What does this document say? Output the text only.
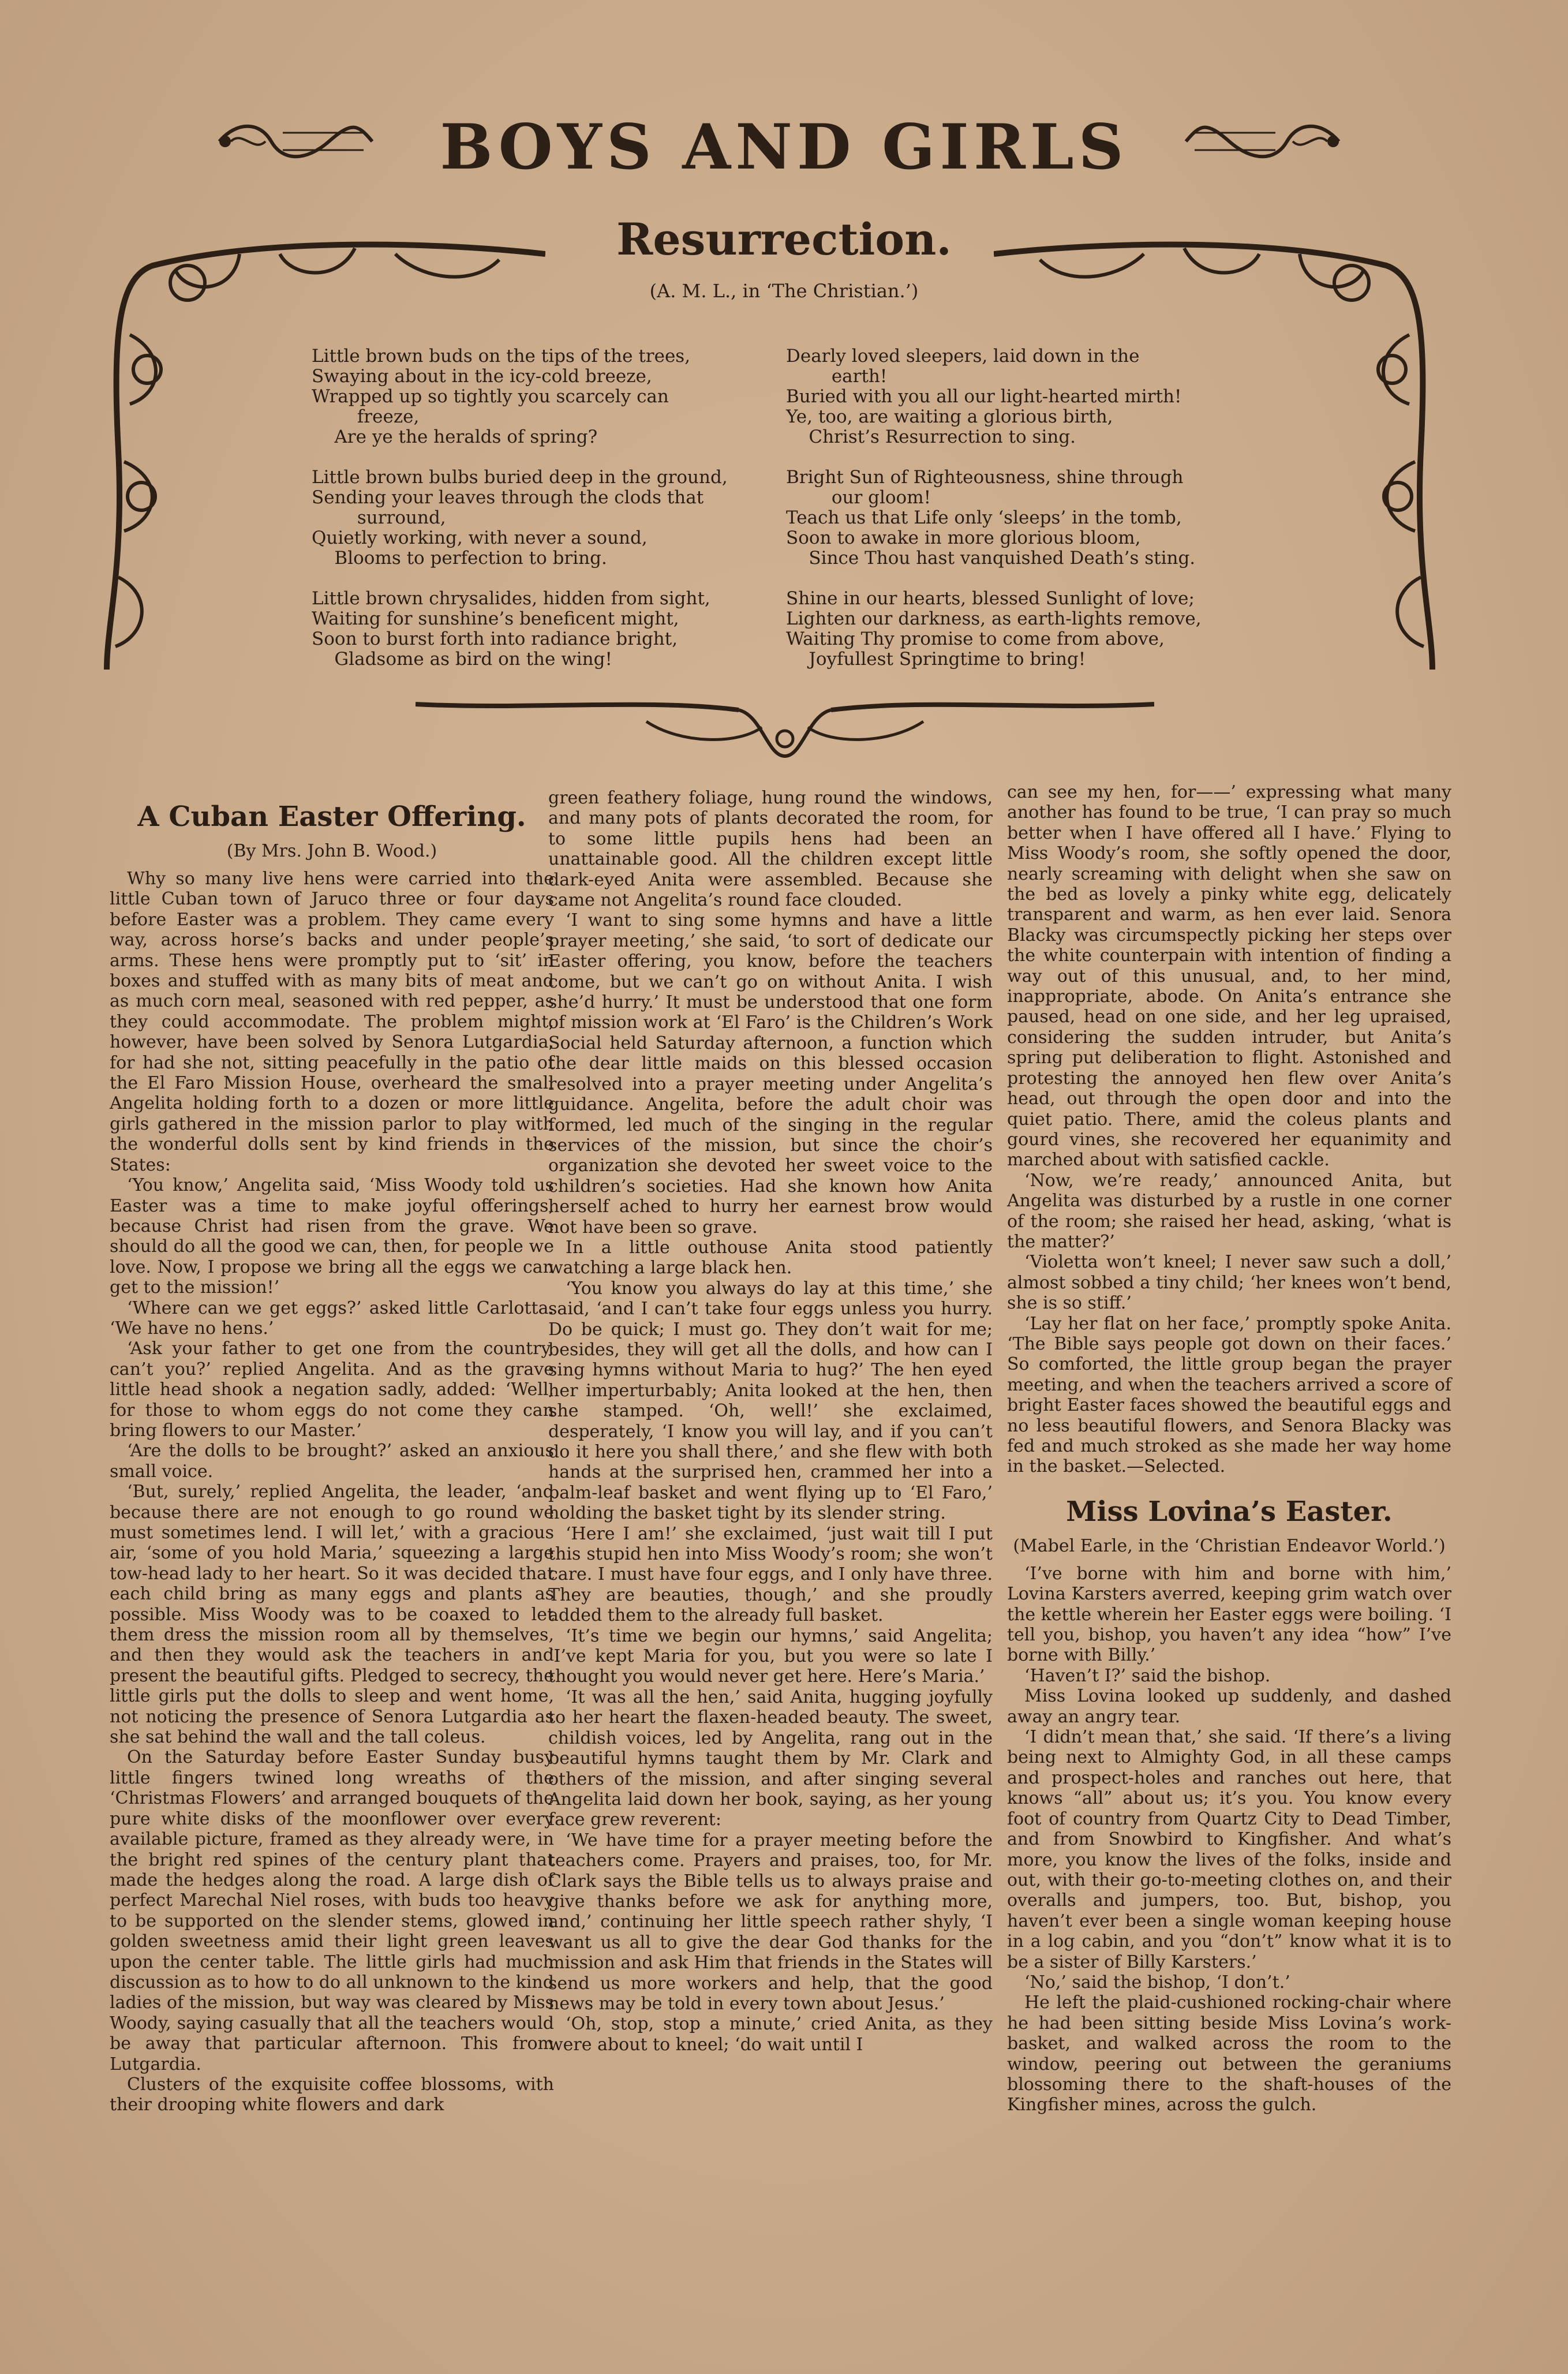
BOYS AND GIRLS
Resurrection.
(A. M. L., in ‘The Christian.’)
Little brown buds on the tips of the trees,
Swaying about in the icy-cold breeze,
Wrapped up so tightly you scarcely can
freeze,
Are ye the heralds of spring?
Little brown bulbs buried deep in the ground,
Sending your leaves through the clods that
surround,
Quietly working, with never a sound,
Blooms to perfection to bring.
Little brown chrysalides, hidden from sight,
Waiting for sunshine’s beneficent might,
Soon to burst forth into radiance bright,
Gladsome as bird on the wing!
Dearly loved sleepers, laid down in the
earth!
Buried with you all our light-hearted mirth!
Ye, too, are waiting a glorious birth,
Christ’s Resurrection to sing.
Bright Sun of Righteousness, shine through
our gloom!
Teach us that Life only ‘sleeps’ in the tomb,
Soon to awake in more glorious bloom,
Since Thou hast vanquished Death’s sting.
Shine in our hearts, blessed Sunlight of love;
Lighten our darkness, as earth-lights remove,
Waiting Thy promise to come from above,
Joyfullest Springtime to bring!
A Cuban Easter Offering.
(By Mrs. John B. Wood.)

Why so many live hens were carried into the little Cuban town of Jaruco three or four days before Easter was a problem. They came every way, across horse’s backs and under people’s arms. These hens were promptly put to ‘sit’ in boxes and stuffed with as many bits of meat and as much corn meal, seasoned with red pepper, as they could accommodate. The problem might, however, have been solved by Senora Lutgardia, for had she not, sitting peacefully in the patio of the El Faro Mission House, overheard the small Angelita holding forth to a dozen or more little girls gathered in the mission parlor to play with the wonderful dolls sent by kind friends in the States:

‘You know,’ Angelita said, ‘Miss Woody told us Easter was a time to make joyful offerings, because Christ had risen from the grave. We should do all the good we can, then, for people we love. Now, I propose we bring all the eggs we can get to the mission!’

‘Where can we get eggs?’ asked little Carlotta. ‘We have no hens.’

‘Ask your father to get one from the country, can’t you?’ replied Angelita. And as the grave little head shook a negation sadly, added: ‘Well, for those to whom eggs do not come they can bring flowers to our Master.’

‘Are the dolls to be brought?’ asked an anxious small voice.

‘But, surely,’ replied Angelita, the leader, ‘and because there are not enough to go round we must sometimes lend. I will let,’ with a gracious air, ‘some of you hold Maria,’ squeezing a large tow-head lady to her heart. So it was decided that each child bring as many eggs and plants as possible. Miss Woody was to be coaxed to let them dress the mission room all by themselves, and then they would ask the teachers in and present the beautiful gifts. Pledged to secrecy, the little girls put the dolls to sleep and went home, not noticing the presence of Senora Lutgardia as she sat behind the wall and the tall coleus.

On the Saturday before Easter Sunday busy little fingers twined long wreaths of the ‘Christmas Flowers’ and arranged bouquets of the pure white disks of the moonflower over every available picture, framed as they already were, in the bright red spines of the century plant that made the hedges along the road. A large dish of perfect Marechal Niel roses, with buds too heavy to be supported on the slender stems, glowed in golden sweetness amid their light green leaves upon the center table. The little girls had much discussion as to how to do all unknown to the kind ladies of the mission, but way was cleared by Miss Woody, saying casually that all the teachers would be away that particular afternoon. This from Lutgardia.

Clusters of the exquisite coffee blossoms, with their drooping white flowers and dark

green feathery foliage, hung round the windows, and many pots of plants decorated the room, for to some little pupils hens had been an unattainable good. All the children except little dark-eyed Anita were assembled. Because she came not Angelita’s round face clouded.

‘I want to sing some hymns and have a little prayer meeting,’ she said, ‘to sort of dedicate our Easter offering, you know, before the teachers come, but we can’t go on without Anita. I wish she’d hurry.’ It must be understood that one form of mission work at ‘El Faro’ is the Children’s Work Social held Saturday afternoon, a function which the dear little maids on this blessed occasion resolved into a prayer meeting under Angelita’s guidance. Angelita, before the adult choir was formed, led much of the singing in the regular services of the mission, but since the choir’s organization she devoted her sweet voice to the children’s societies. Had she known how Anita herself ached to hurry her earnest brow would not have been so grave.

In a little outhouse Anita stood patiently watching a large black hen.

‘You know you always do lay at this time,’ she said, ‘and I can’t take four eggs unless you hurry. Do be quick; I must go. They don’t wait for me; besides, they will get all the dolls, and how can I sing hymns without Maria to hug?’ The hen eyed her imperturbably; Anita looked at the hen, then she stamped. ‘Oh, well!’ she exclaimed, desperately, ‘I know you will lay, and if you can’t do it here you shall there,’ and she flew with both hands at the surprised hen, crammed her into a palm-leaf basket and went flying up to ‘El Faro,’ holding the basket tight by its slender string.

‘Here I am!’ she exclaimed, ‘just wait till I put this stupid hen into Miss Woody’s room; she won’t care. I must have four eggs, and I only have three. They are beauties, though,’ and she proudly added them to the already full basket.

‘It’s time we begin our hymns,’ said Angelita; ‘I’ve kept Maria for you, but you were so late I thought you would never get here. Here’s Maria.’

‘It was all the hen,’ said Anita, hugging joyfully to her heart the flaxen-headed beauty. The sweet, childish voices, led by Angelita, rang out in the beautiful hymns taught them by Mr. Clark and others of the mission, and after singing several Angelita laid down her book, saying, as her young face grew reverent:

‘We have time for a prayer meeting before the teachers come. Prayers and praises, too, for Mr. Clark says the Bible tells us to always praise and give thanks before we ask for anything more, and,’ continuing her little speech rather shyly, ‘I want us all to give the dear God thanks for the mission and ask Him that friends in the States will send us more workers and help, that the good news may be told in every town about Jesus.’

‘Oh, stop, stop a minute,’ cried Anita, as they were about to kneel; ‘do wait until I

can see my hen, for——’ expressing what many another has found to be true, ‘I can pray so much better when I have offered all I have.’ Flying to Miss Woody’s room, she softly opened the door, nearly screaming with delight when she saw on the bed as lovely a pinky white egg, delicately transparent and warm, as hen ever laid. Senora Blacky was circumspectly picking her steps over the white counterpain with intention of finding a way out of this unusual, and, to her mind, inappropriate, abode. On Anita’s entrance she paused, head on one side, and her leg upraised, considering the sudden intruder, but Anita’s spring put deliberation to flight. Astonished and protesting the annoyed hen flew over Anita’s head, out through the open door and into the quiet patio. There, amid the coleus plants and gourd vines, she recovered her equanimity and marched about with satisfied cackle.

‘Now, we’re ready,’ announced Anita, but Angelita was disturbed by a rustle in one corner of the room; she raised her head, asking, ‘what is the matter?’

‘Violetta won’t kneel; I never saw such a doll,’ almost sobbed a tiny child; ‘her knees won’t bend, she is so stiff.’

‘Lay her flat on her face,’ promptly spoke Anita. ‘The Bible says people got down on their faces.’ So comforted, the little group began the prayer meeting, and when the teachers arrived a score of bright Easter faces showed the beautiful eggs and no less beautiful flowers, and Senora Blacky was fed and much stroked as she made her way home in the basket.—Selected.

Miss Lovina’s Easter.
(Mabel Earle, in the ‘Christian Endeavor World.’)

‘I’ve borne with him and borne with him,’ Lovina Karsters averred, keeping grim watch over the kettle wherein her Easter eggs were boiling. ‘I tell you, bishop, you haven’t any idea “how” I’ve borne with Billy.’

‘Haven’t I?’ said the bishop.

Miss Lovina looked up suddenly, and dashed away an angry tear.

‘I didn’t mean that,’ she said. ‘If there’s a living being next to Almighty God, in all these camps and prospect-holes and ranches out here, that knows “all” about us; it’s you. You know every foot of country from Quartz City to Dead Timber, and from Snowbird to Kingfisher. And what’s more, you know the lives of the folks, inside and out, with their go-to-meeting clothes on, and their overalls and jumpers, too. But, bishop, you haven’t ever been a single woman keeping house in a log cabin, and you “don’t” know what it is to be a sister of Billy Karsters.’

‘No,’ said the bishop, ‘I don’t.’

He left the plaid-cushioned rocking-chair where he had been sitting beside Miss Lovina’s work-basket, and walked across the room to the window, peering out between the geraniums blossoming there to the shaft-houses of the Kingfisher mines, across the gulch.
